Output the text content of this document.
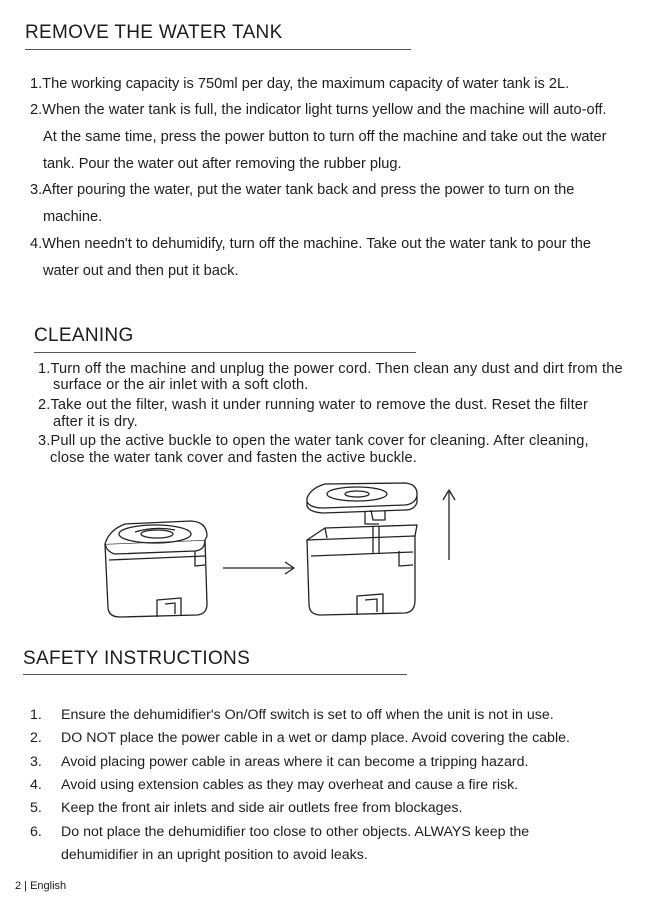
REMOVE THE WATER TANK
1.The working capacity is 750ml per day, the maximum capacity of water tank is 2L.
2.When the water tank is full, the indicator light turns yellow and the machine will auto-off.
At the same time, press the power button to turn off the machine and take out the water
tank. Pour the water out after removing the rubber plug.
3.After pouring the water, put the water tank back and press the power to turn on the
machine.
4.When needn't to dehumidify, turn off the machine. Take out the water tank to pour the
water out and then put it back.
CLEANING
1.Turn off the machine and unplug the power cord. Then clean any dust and dirt from the
surface or the air inlet with a soft cloth.
2.Take out the filter, wash it under running water to remove the dust. Reset the filter
after it is dry.
3.Pull up the active buckle to open the water tank cover for cleaning. After cleaning,
close the water tank cover and fasten the active buckle.
SAFETY INSTRUCTIONS
1. Ensure the dehumidifier's On/Off switch is set to off when the unit is not in use.
2. DO NOT place the power cable in a wet or damp place. Avoid covering the cable.
3. Avoid placing power cable in areas where it can become a tripping hazard.
4. Avoid using extension cables as they may overheat and cause a fire risk.
5. Keep the front air inlets and side air outlets free from blockages.
6. Do not place the dehumidifier too close to other objects. ALWAYS keep the
dehumidifier in an upright position to avoid leaks.
2 | English
